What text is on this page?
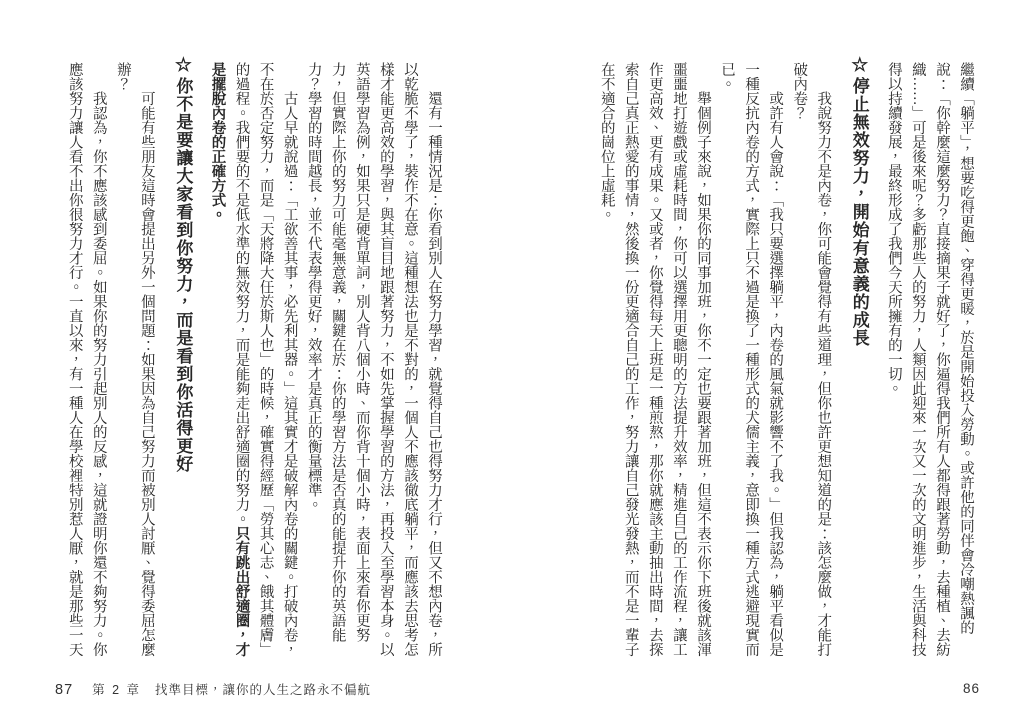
繼續「躺平」，想要吃得更飽、穿得更暖，於是開始投入勞動。或許他的同伴會冷嘲熱諷的說：「你幹麼這麼努力？直接摘果子就好了，你逼得我們所有人都得跟著勞動，去種植、去紡織……」可是後來呢？多虧那些人的努力，人類因此迎來一次又一次的文明進步，生活與科技得以持續發展，最終形成了我們今天所擁有的一切。

☆停止無效努力，開始有意義的成長

我說努力不是內卷，你可能會覺得有些道理，但你也許更想知道的是：該怎麼做，才能打破內卷？

或許有人會說：「我只要選擇躺平，內卷的風氣就影響不了我。」但我認為，躺平看似是一種反抗內卷的方式，實際上只不過是換了一種形式的犬儒主義，意即換一種方式逃避現實而已。

舉個例子來說，如果你的同事加班，你不一定也要跟著加班，但這不表示你下班後就該渾噩噩地打遊戲或虛耗時間，你可以選擇用更聰明的方法提升效率，精進自己的工作流程，讓工作更高效、更有成果。又或者，你覺得每天上班是一種煎熬，那你就應該主動抽出時間，去探索自己真正熱愛的事情，然後換一份更適合自己的工作，努力讓自己發光發熱，而不是一輩子在不適合的崗位上虛耗。

86

還有一種情況是：你看到別人在努力學習，就覺得自己也得努力才行，但又不想內卷，所以乾脆不學了，裝作不在意。這種想法也是不對的，一個人不應該徹底躺平，而應該去思考怎樣才能更高效的學習，與其盲目地跟著努力，不如先掌握學習的方法，再投入至學習本身。以英語學習為例，如果只是硬背單詞，別人背八個小時、而你背十個小時，表面上來看你更努力，但實際上你的努力可能毫無意義，關鍵在於：你的學習方法是否真的能提升你的英語能力？學習的時間越長，並不代表學得更好，效率才是真正的衡量標準。

古人早就說過：「工欲善其事，必先利其器。」這其實才是破解內卷的關鍵。打破內卷，不在於否定努力，而是「天將降大任於斯人也」的時候，確實得經歷「勞其心志、餓其體膚」的過程。我們要的不是低水準的無效努力，而是能夠走出舒適圈的努力。只有跳出舒適圈，才是擺脫內卷的正確方式。

☆你不是要讓大家看到你努力，而是看到你活得更好

可能有些朋友這時會提出另外一個問題：如果因為自己努力而被別人討厭、覺得委屈怎麼辦？

我認為，你不應該感到委屈。如果你的努力引起別人的反感，這就證明你還不夠努力。你應該努力讓人看不出你很努力才行。一直以來，有一種人在學校裡特別惹人厭，就是那些一天

87 第 2 章 找準目標，讓你的人生之路永不偏航
